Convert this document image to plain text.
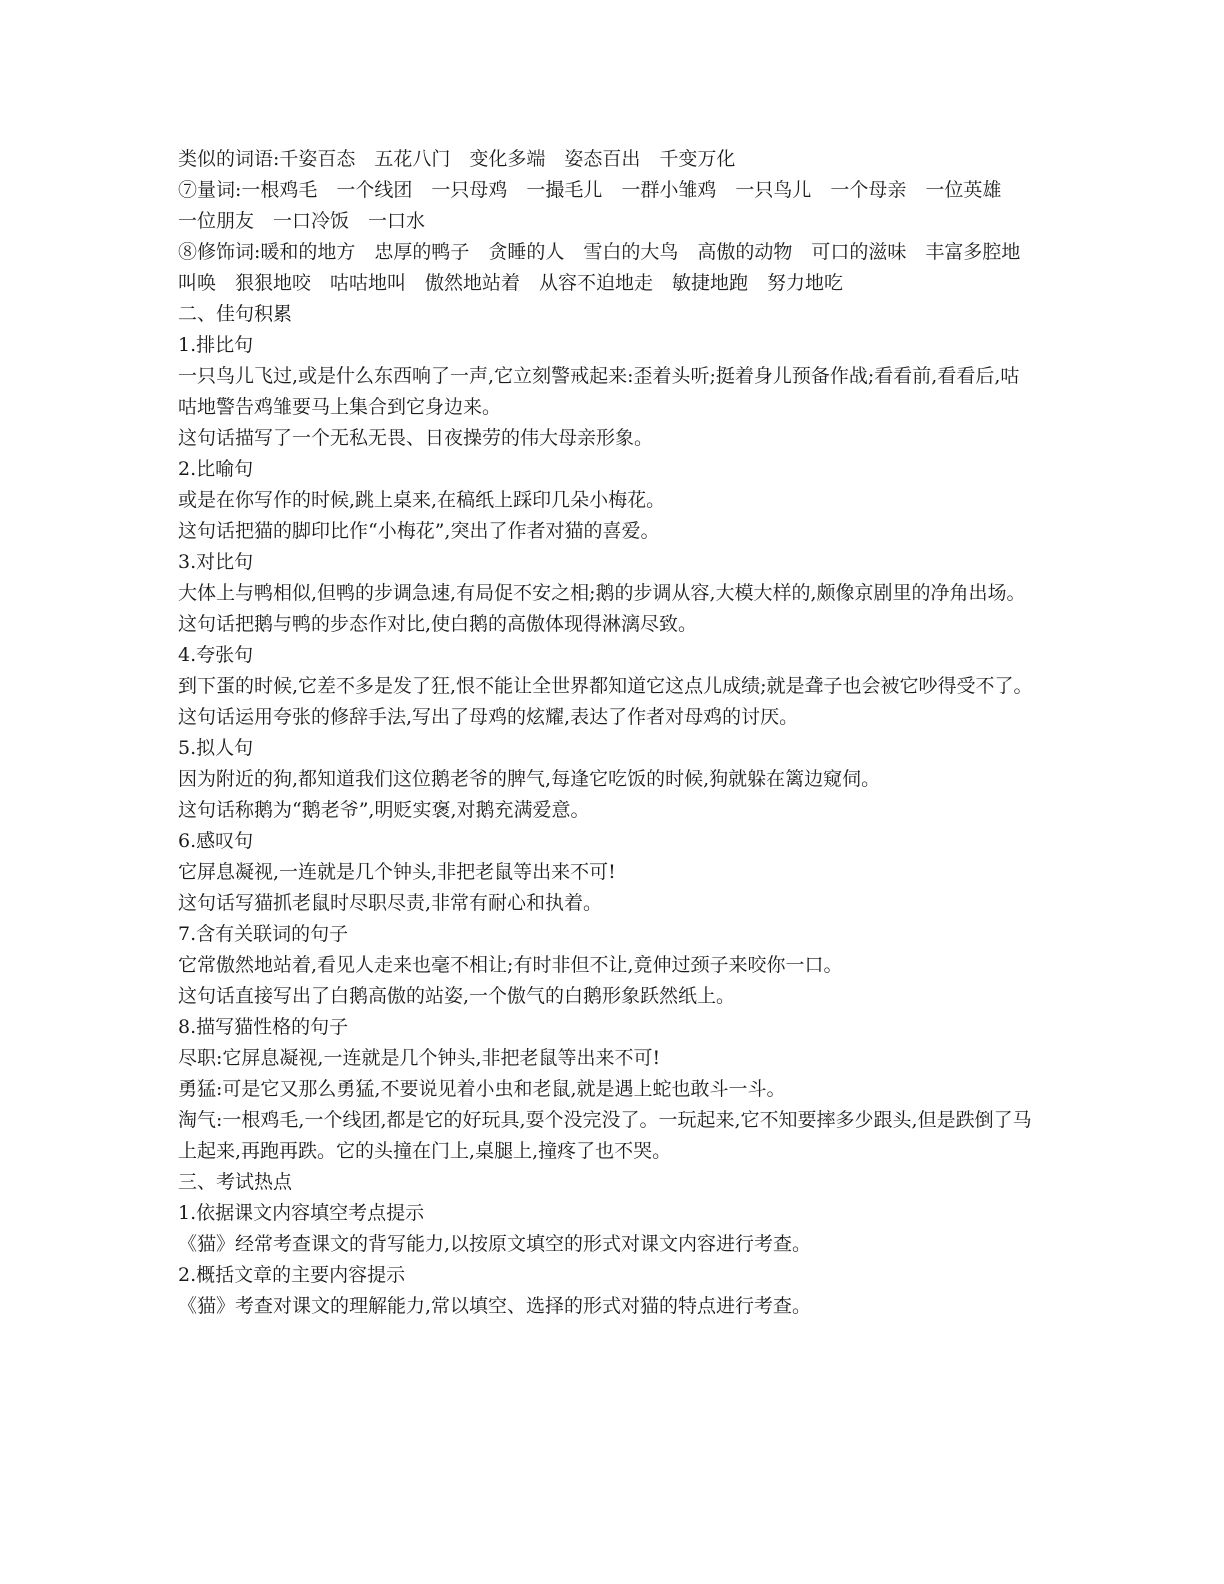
类似的词语:千姿百态　五花八门　变化多端　姿态百出　千变万化

⑦量词:一根鸡毛　一个线团　一只母鸡　一撮毛儿　一群小雏鸡　一只鸟儿　一个母亲　一位英雄　一位朋友　一口冷饭　一口水

⑧修饰词:暖和的地方　忠厚的鸭子　贪睡的人　雪白的大鸟　高傲的动物　可口的滋味　丰富多腔地叫唤　狠狠地咬　咕咕地叫　傲然地站着　从容不迫地走　敏捷地跑　努力地吃

二、佳句积累

1.排比句

一只鸟儿飞过,或是什么东西响了一声,它立刻警戒起来:歪着头听;挺着身儿预备作战;看看前,看看后,咕咕地警告鸡雏要马上集合到它身边来。

这句话描写了一个无私无畏、日夜操劳的伟大母亲形象。

2.比喻句

或是在你写作的时候,跳上桌来,在稿纸上踩印几朵小梅花。

这句话把猫的脚印比作“小梅花”,突出了作者对猫的喜爱。

3.对比句

大体上与鸭相似,但鸭的步调急速,有局促不安之相;鹅的步调从容,大模大样的,颇像京剧里的净角出场。

这句话把鹅与鸭的步态作对比,使白鹅的高傲体现得淋漓尽致。

4.夸张句

到下蛋的时候,它差不多是发了狂,恨不能让全世界都知道它这点儿成绩;就是聋子也会被它吵得受不了。

这句话运用夸张的修辞手法,写出了母鸡的炫耀,表达了作者对母鸡的讨厌。

5.拟人句

因为附近的狗,都知道我们这位鹅老爷的脾气,每逢它吃饭的时候,狗就躲在篱边窥伺。

这句话称鹅为“鹅老爷”,明贬实褒,对鹅充满爱意。

6.感叹句

它屏息凝视,一连就是几个钟头,非把老鼠等出来不可!

这句话写猫抓老鼠时尽职尽责,非常有耐心和执着。

7.含有关联词的句子

它常傲然地站着,看见人走来也毫不相让;有时非但不让,竟伸过颈子来咬你一口。

这句话直接写出了白鹅高傲的站姿,一个傲气的白鹅形象跃然纸上。

8.描写猫性格的句子

尽职:它屏息凝视,一连就是几个钟头,非把老鼠等出来不可!

勇猛:可是它又那么勇猛,不要说见着小虫和老鼠,就是遇上蛇也敢斗一斗。

淘气:一根鸡毛,一个线团,都是它的好玩具,耍个没完没了。一玩起来,它不知要摔多少跟头,但是跌倒了马上起来,再跑再跌。它的头撞在门上,桌腿上,撞疼了也不哭。

三、考试热点

1.依据课文内容填空考点提示

《猫》经常考查课文的背写能力,以按原文填空的形式对课文内容进行考查。

2.概括文章的主要内容提示

《猫》考查对课文的理解能力,常以填空、选择的形式对猫的特点进行考查。
